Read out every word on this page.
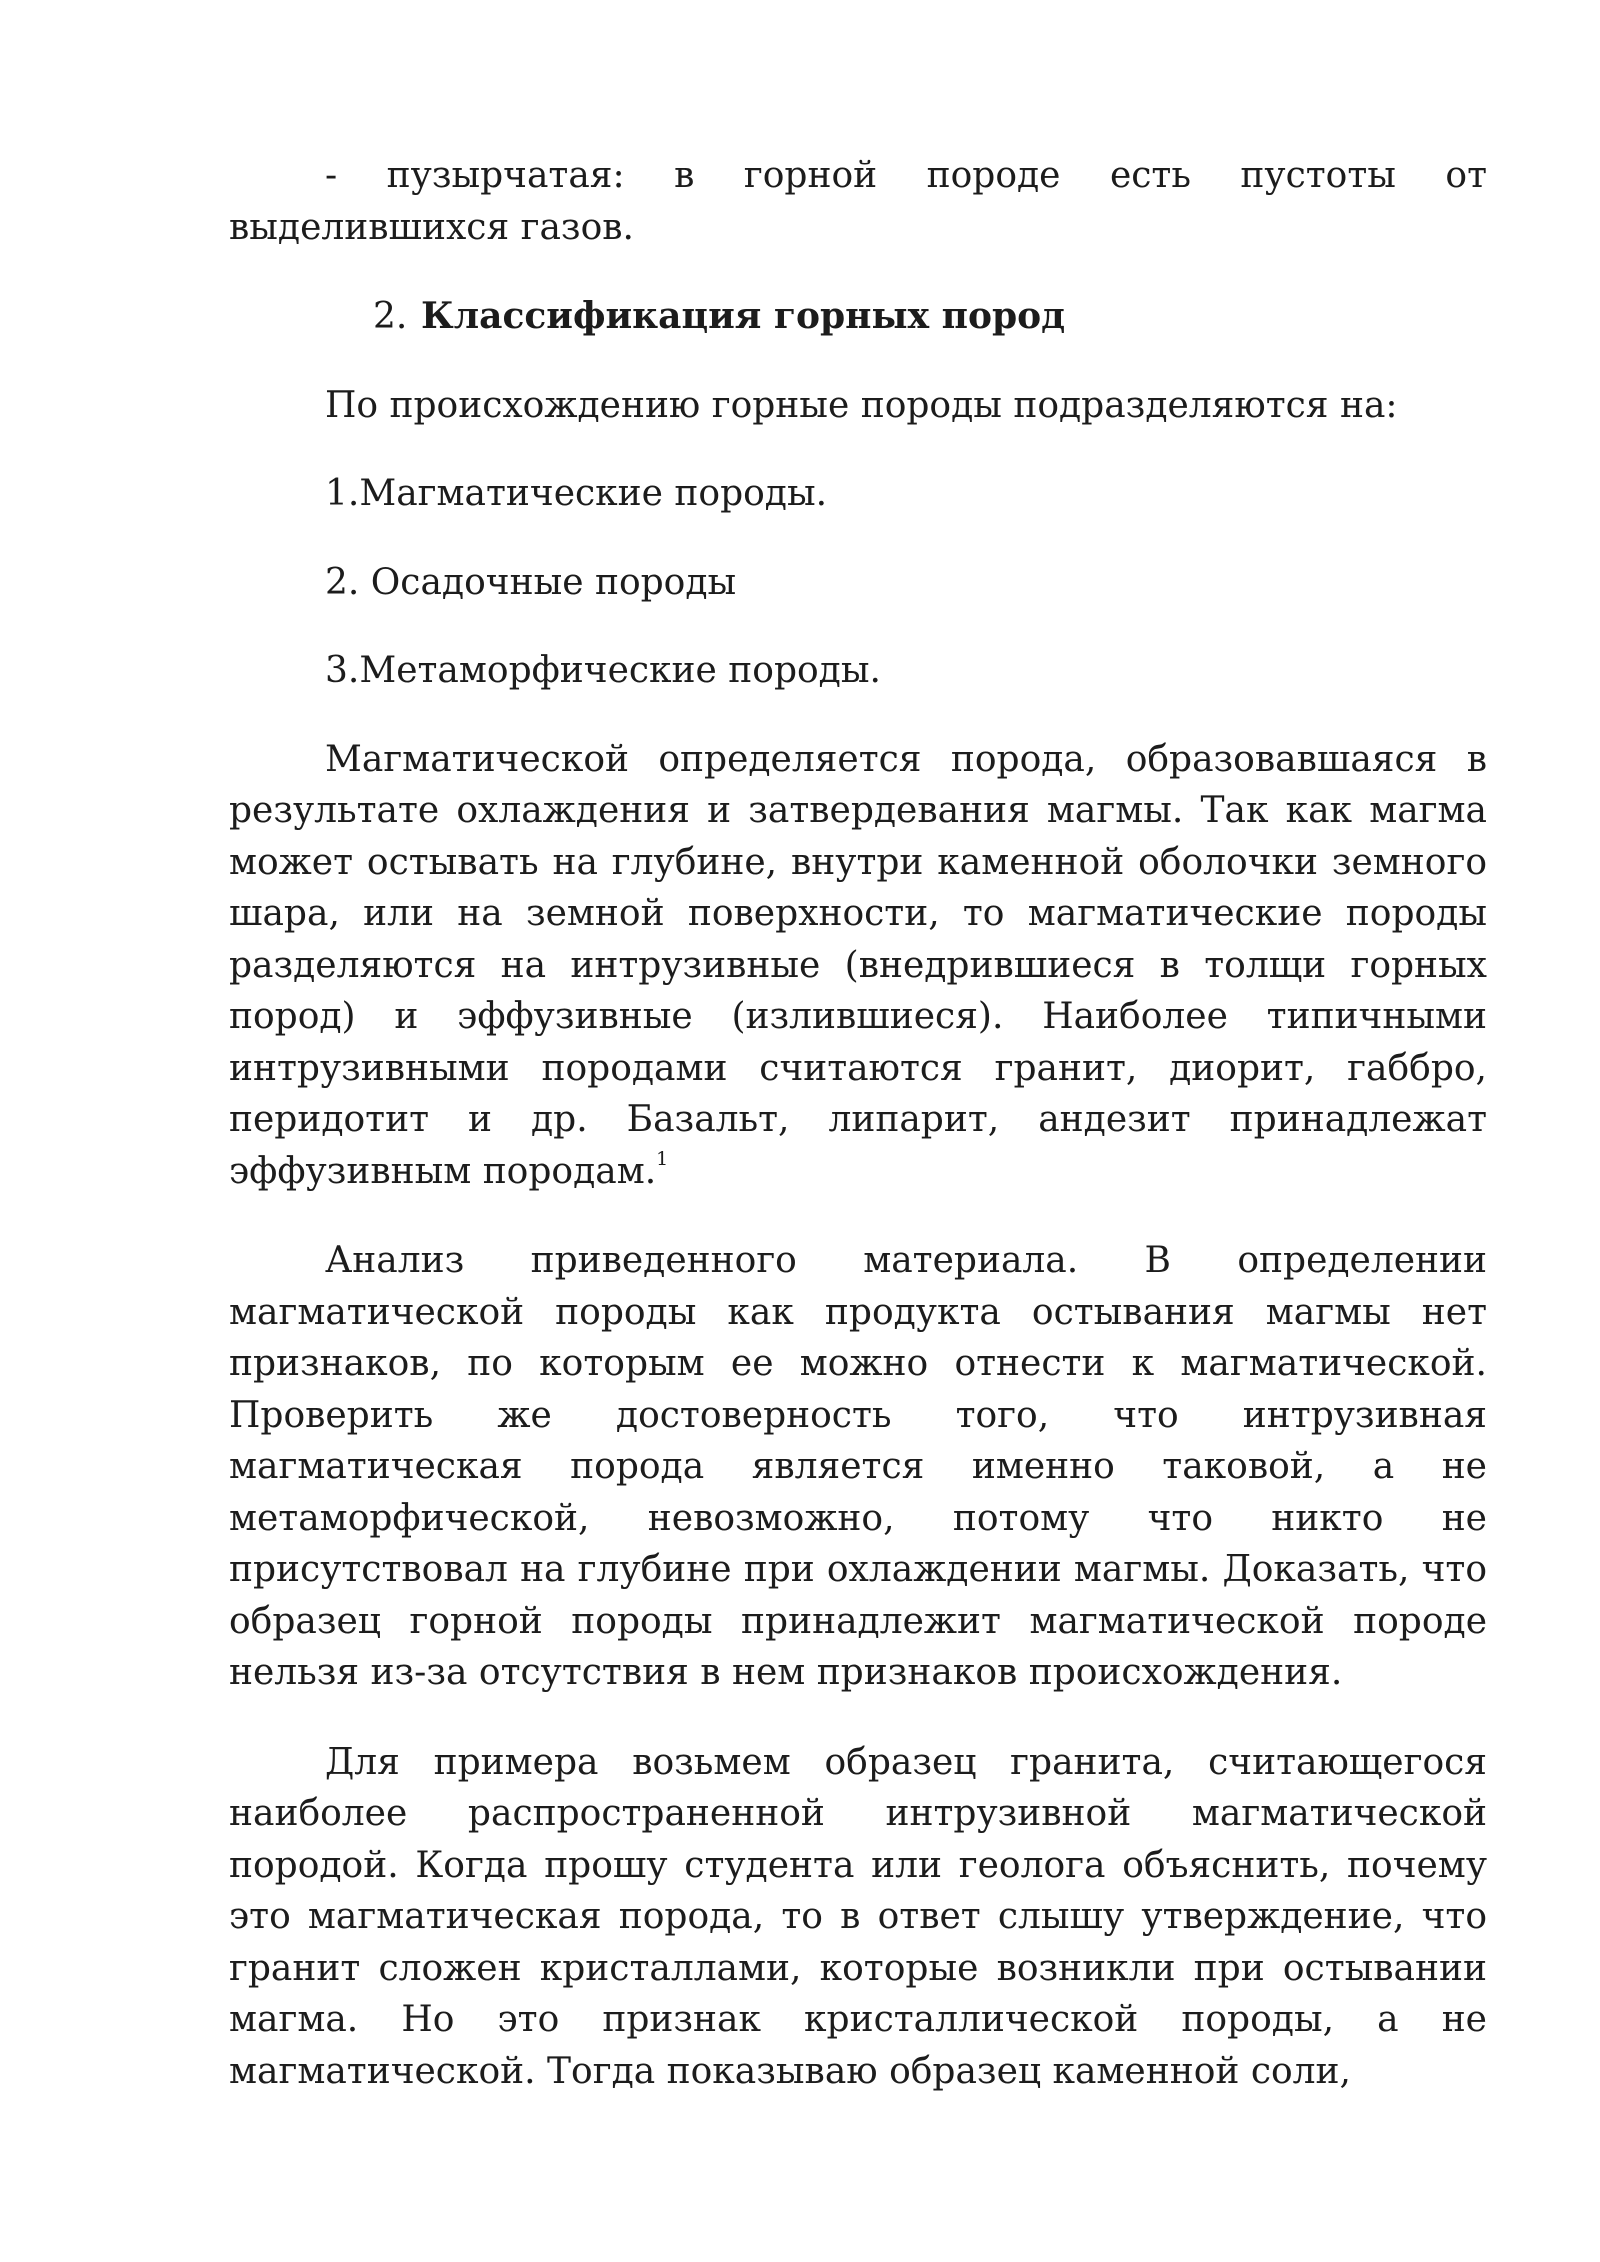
- пузырчатая: в горной породе есть пустоты от выделившихся газов.

2. Классификация горных пород

По происхождению горные породы подразделяются на:

1.Магматические породы.

2. Осадочные породы

3.Метаморфические породы.

Магматической определяется порода, образовавшаяся в результате охлаждения и затвердевания магмы. Так как магма может остывать на глубине, внутри каменной оболочки земного шара, или на земной поверхности, то магматические породы разделяются на интрузивные (внедрившиеся в толщи горных пород) и эффузивные (излившиеся). Наиболее типичными интрузивными породами считаются гранит, диорит, габбро, перидотит и др. Базальт, липарит, андезит принадлежат эффузивным породам.$^1$

Анализ приведенного материала. В определении магматической породы как продукта остывания магмы нет признаков, по которым ее можно отнести к магматической. Проверить же достоверность того, что интрузивная магматическая порода является именно таковой, а не метаморфической, невозможно, потому что никто не присутствовал на глубине при охлаждении магмы. Доказать, что образец горной породы принадлежит магматической породе нельзя из-за отсутствия в нем признаков происхождения.

Для примера возьмем образец гранита, считающегося наиболее распространенной интрузивной магматической породой. Когда прошу студента или геолога объяснить, почему это магматическая порода, то в ответ слышу утверждение, что гранит сложен кристаллами, которые возникли при остывании магма. Но это признак кристаллической породы, а не магматической. Тогда показываю образец каменной соли,
